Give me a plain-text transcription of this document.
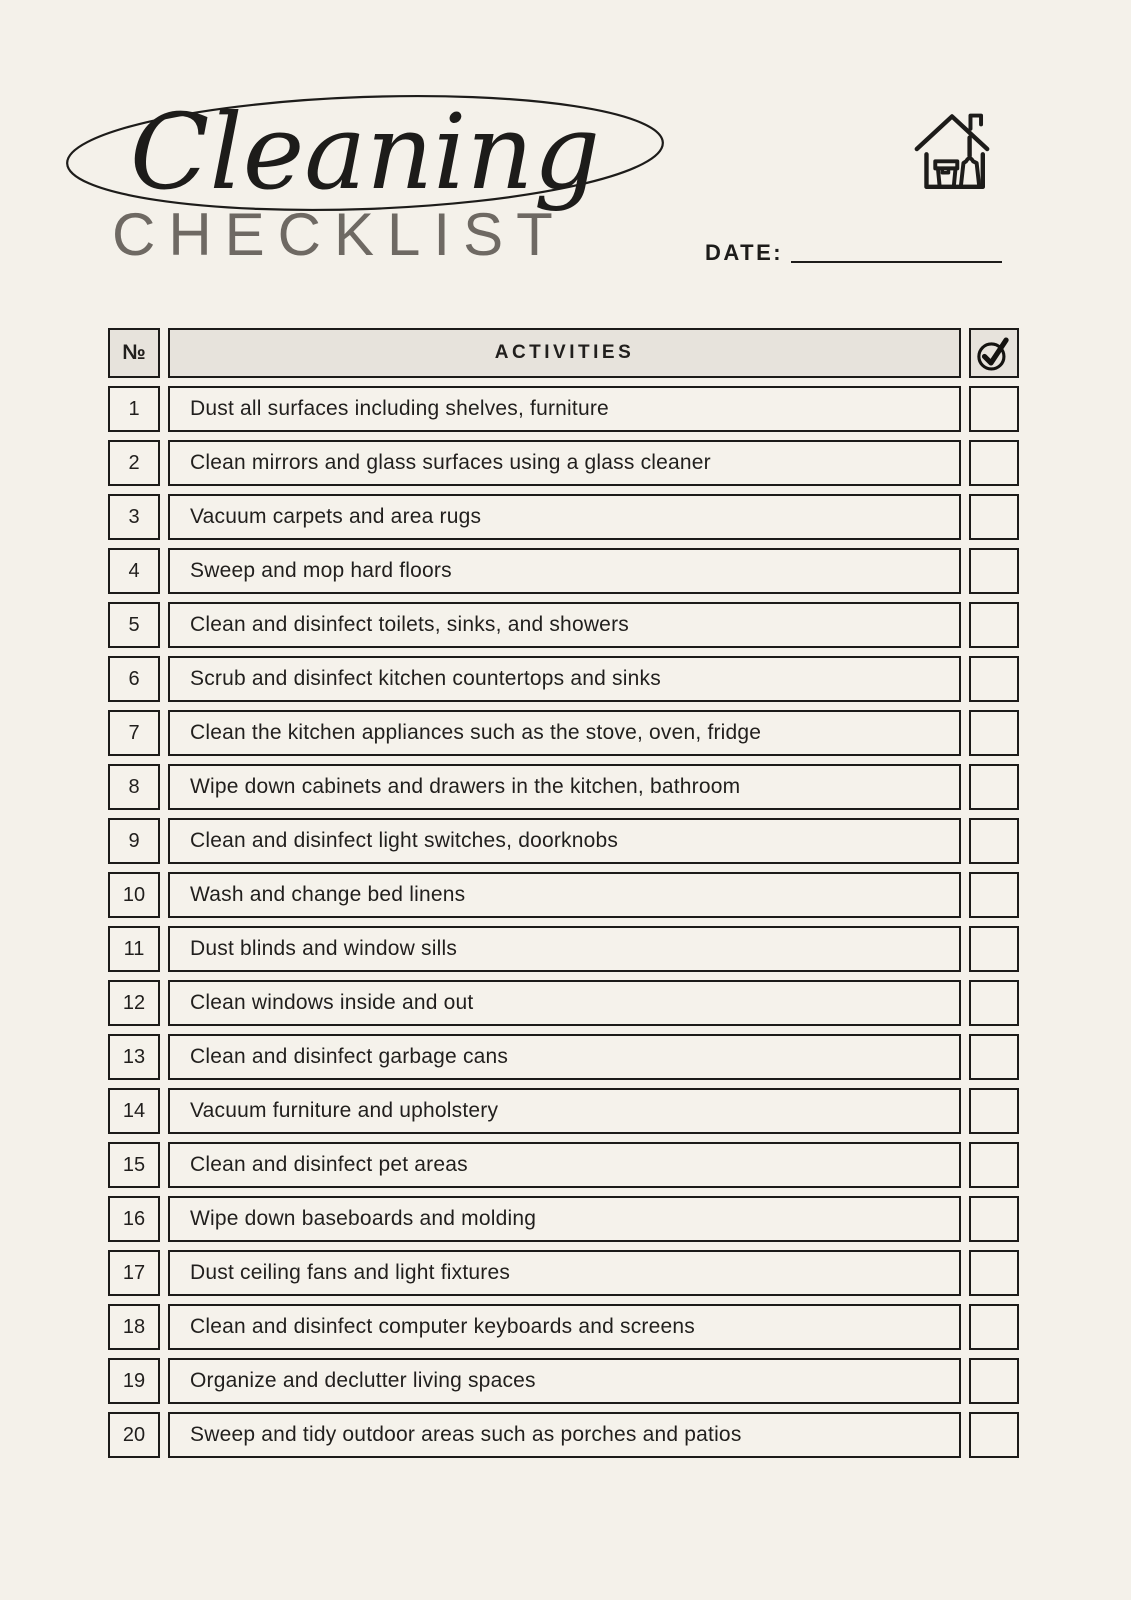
Cleaning
CHECKLIST	DATE:
№	ACTIVITIES
1 Dust all surfaces including shelves, furniture
2 Clean mirrors and glass surfaces using a glass cleaner
3 Vacuum carpets and area rugs
4 Sweep and mop hard floors
5 Clean and disinfect toilets, sinks, and showers
6 Scrub and disinfect kitchen countertops and sinks
7 Clean the kitchen appliances such as the stove, oven, fridge
8 Wipe down cabinets and drawers in the kitchen, bathroom
9 Clean and disinfect light switches, doorknobs
10 Wash and change bed linens
11 Dust blinds and window sills
12 Clean windows inside and out
13 Clean and disinfect garbage cans
14 Vacuum furniture and upholstery
15 Clean and disinfect pet areas
16 Wipe down baseboards and molding
17 Dust ceiling fans and light fixtures
18 Clean and disinfect computer keyboards and screens
19 Organize and declutter living spaces
20 Sweep and tidy outdoor areas such as porches and patios
